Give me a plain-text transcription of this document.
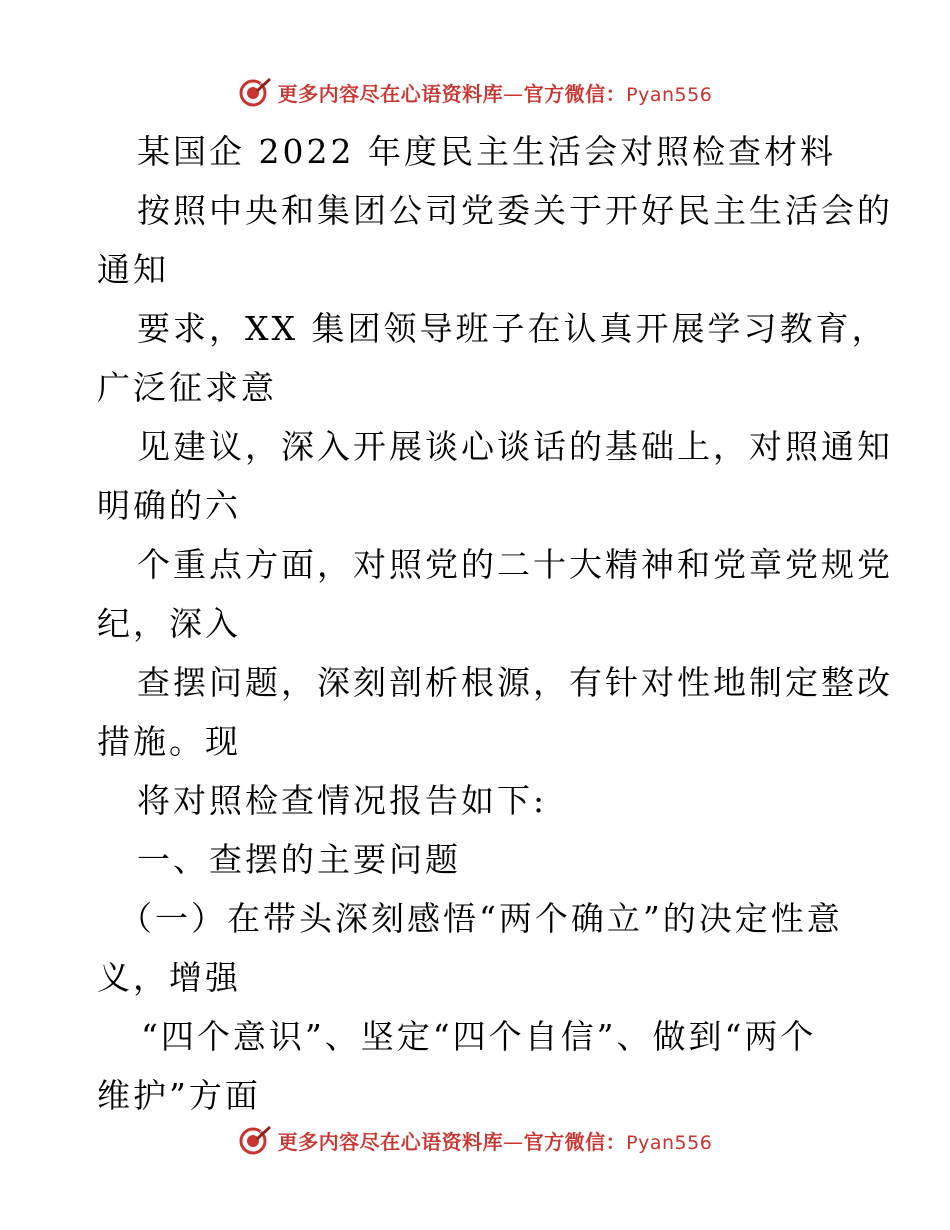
更多内容尽在心语资料库—官方微信：Pyan556

某国企 2022 年度民主生活会对照检查材料

按照中央和集团公司党委关于开好民主生活会的

通知

要求，XX 集团领导班子在认真开展学习教育，

广泛征求意

见建议，深入开展谈心谈话的基础上，对照通知

明确的六

个重点方面，对照党的二十大精神和党章党规党

纪，深入

查摆问题，深刻剖析根源，有针对性地制定整改

措施。现

将对照检查情况报告如下:

一、查摆的主要问题

（一）在带头深刻感悟“两个确立”的决定性意

义，增强

“四个意识”、坚定“四个自信”、做到“两个

维护”方面

更多内容尽在心语资料库—官方微信：Pyan556
